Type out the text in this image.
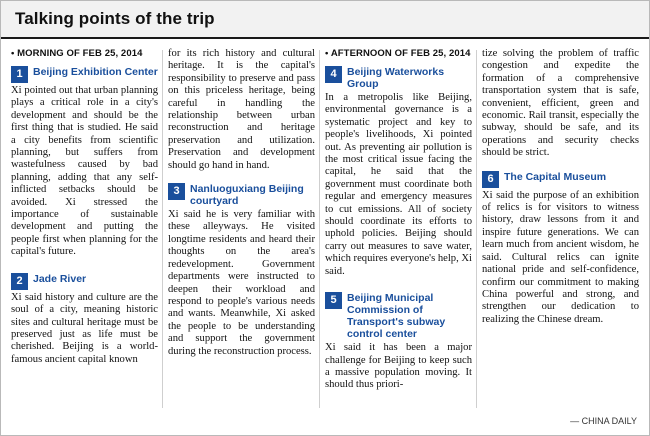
Talking points of the trip
• MORNING OF FEB 25, 2014
1 Beijing Exhibition Center
Xi pointed out that urban planning plays a critical role in a city's development and should be the first thing that is studied. He said a city benefits from scientific planning, but suffers from wastefulness caused by bad planning, adding that any self-inflicted setbacks should be avoided. Xi stressed the importance of sustainable development and putting the people first when planning for the capital's future.
2 Jade River
Xi said history and culture are the soul of a city, meaning historic sites and cultural heritage must be preserved just as life must be cherished. Beijing is a world-famous ancient capital known
for its rich history and cultural heritage. It is the capital's responsibility to preserve and pass on this priceless heritage, being careful in handling the relationship between urban reconstruction and heritage preservation and utilization. Preservation and development should go hand in hand.
3 Nanluoguxiang Beijing courtyard
Xi said he is very familiar with these alleyways. He visited longtime residents and heard their thoughts on the area's redevelopment. Government departments were instructed to deepen their workload and respond to people's various needs and wants. Meanwhile, Xi asked the people to be understanding and support the government during the reconstruction process.
• AFTERNOON OF FEB 25, 2014
4 Beijing Waterworks Group
In a metropolis like Beijing, environmental governance is a systematic project and key to people's livelihoods, Xi pointed out. As preventing air pollution is the most critical issue facing the capital, he said that the government must coordinate both regular and emergency measures to cut emissions. All of society should coordinate its efforts to uphold policies. Beijing should carry out measures to save water, which requires everyone's help, Xi said.
5 Beijing Municipal Commission of Transport's subway control center
Xi said it has been a major challenge for Beijing to keep such a massive population moving. It should thus priori-
tize solving the problem of traffic congestion and expedite the formation of a comprehensive transportation system that is safe, convenient, efficient, green and economic. Rail transit, especially the subway, should be safe, and its operations and security checks should be strict.
6 The Capital Museum
Xi said the purpose of an exhibition of relics is for visitors to witness history, draw lessons from it and inspire future generations. We can learn much from ancient wisdom, he said. Cultural relics can ignite national pride and self-confidence, confirm our commitment to making China powerful and strong, and strengthen our dedication to realizing the Chinese dream.
— CHINA DAILY
